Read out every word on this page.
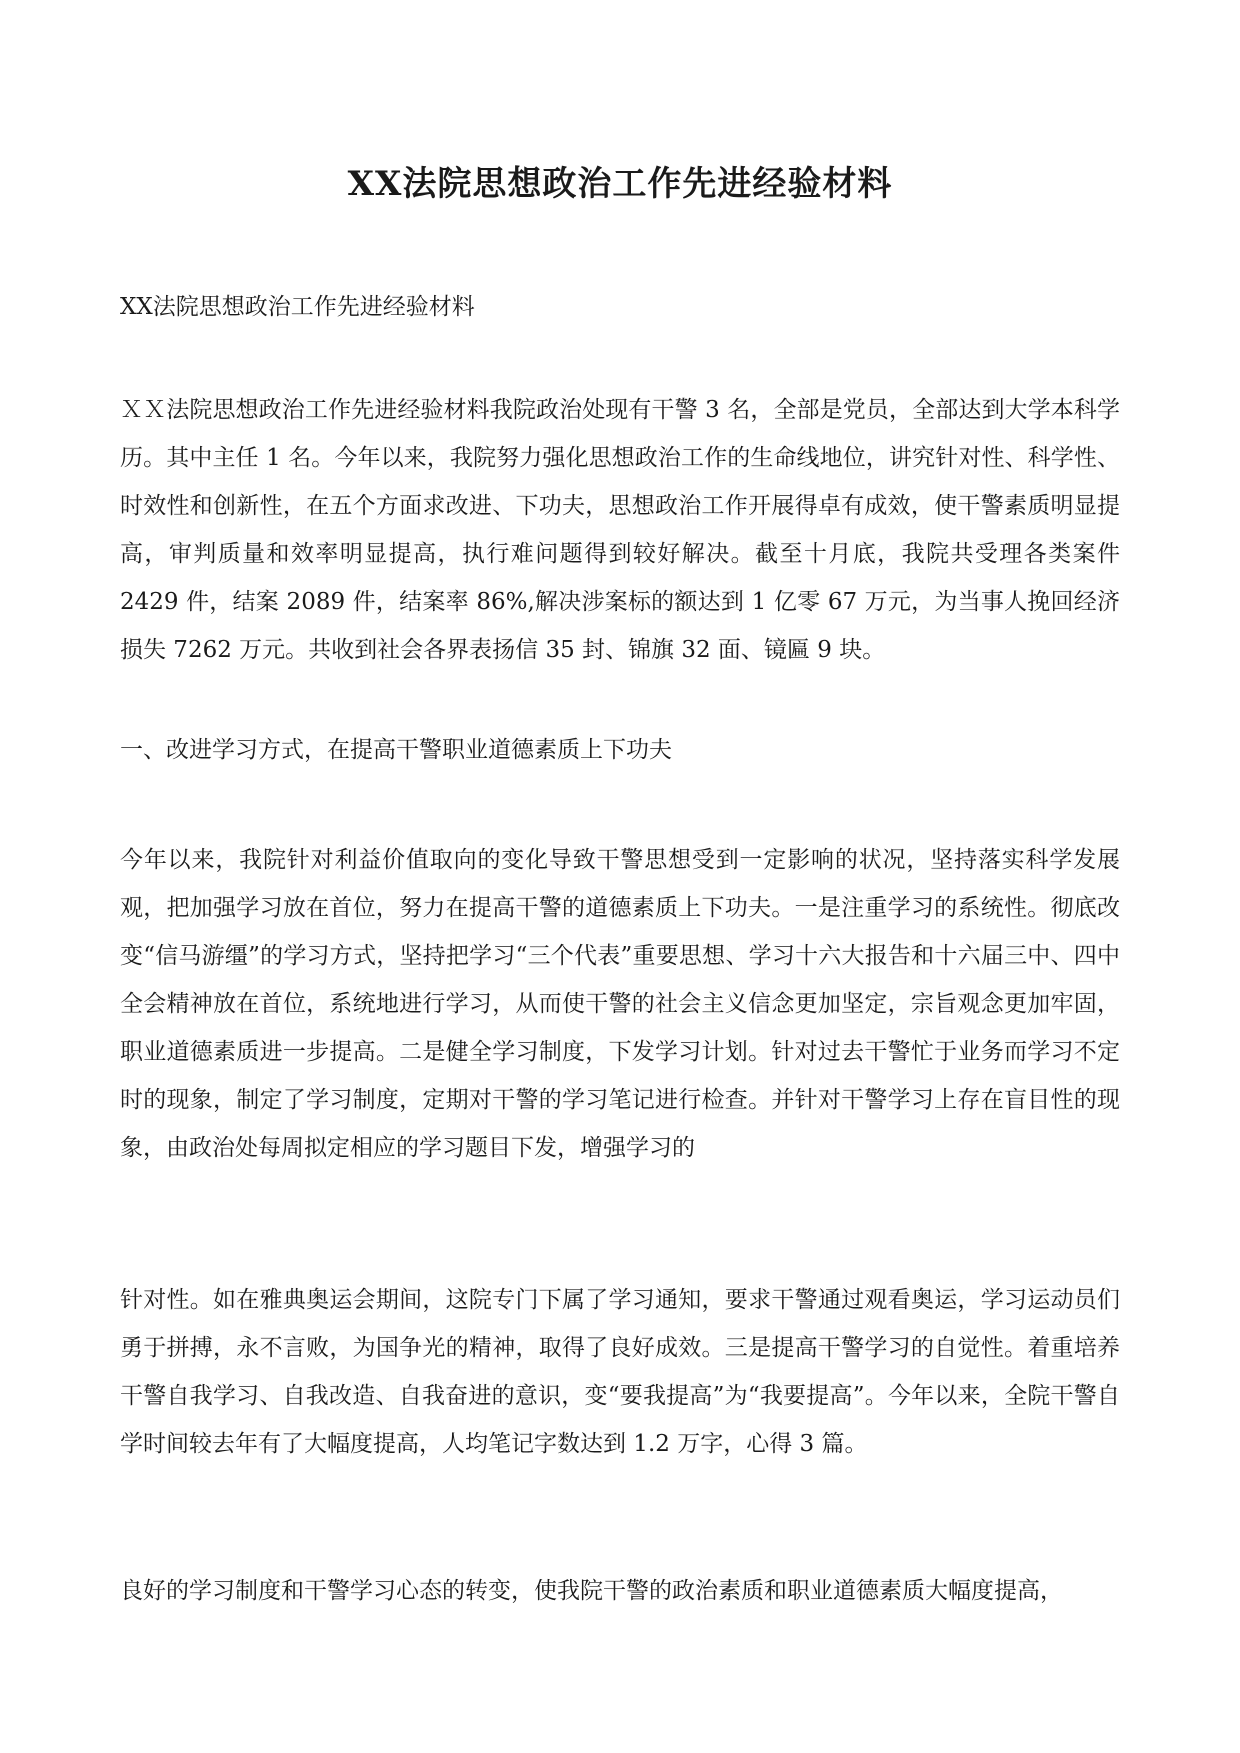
XX法院思想政治工作先进经验材料

XX法院思想政治工作先进经验材料

ＸＸ法院思想政治工作先进经验材料我院政治处现有干警 3 名，全部是党员，全部达到大学本科学历。其中主任 1 名。今年以来，我院努力强化思想政治工作的生命线地位，讲究针对性、科学性、时效性和创新性，在五个方面求改进、下功夫，思想政治工作开展得卓有成效，使干警素质明显提高，审判质量和效率明显提高，执行难问题得到较好解决。截至十月底，我院共受理各类案件 2429 件，结案 2089 件，结案率 86%,解决涉案标的额达到 1 亿零 67 万元，为当事人挽回经济损失 7262 万元。共收到社会各界表扬信 35 封、锦旗 32 面、镜匾 9 块。

一、改进学习方式，在提高干警职业道德素质上下功夫

今年以来，我院针对利益价值取向的变化导致干警思想受到一定影响的状况，坚持落实科学发展观，把加强学习放在首位，努力在提高干警的道德素质上下功夫。一是注重学习的系统性。彻底改变“信马游缰”的学习方式，坚持把学习“三个代表”重要思想、学习十六大报告和十六届三中、四中全会精神放在首位，系统地进行学习，从而使干警的社会主义信念更加坚定，宗旨观念更加牢固，职业道德素质进一步提高。二是健全学习制度，下发学习计划。针对过去干警忙于业务而学习不定时的现象，制定了学习制度，定期对干警的学习笔记进行检查。并针对干警学习上存在盲目性的现象，由政治处每周拟定相应的学习题目下发，增强学习的

针对性。如在雅典奥运会期间，这院专门下属了学习通知，要求干警通过观看奥运，学习运动员们勇于拼搏，永不言败，为国争光的精神，取得了良好成效。三是提高干警学习的自觉性。着重培养干警自我学习、自我改造、自我奋进的意识，变“要我提高”为“我要提高”。今年以来，全院干警自学时间较去年有了大幅度提高，人均笔记字数达到 1.2 万字，心得 3 篇。

良好的学习制度和干警学习心态的转变，使我院干警的政治素质和职业道德素质大幅度提高，
